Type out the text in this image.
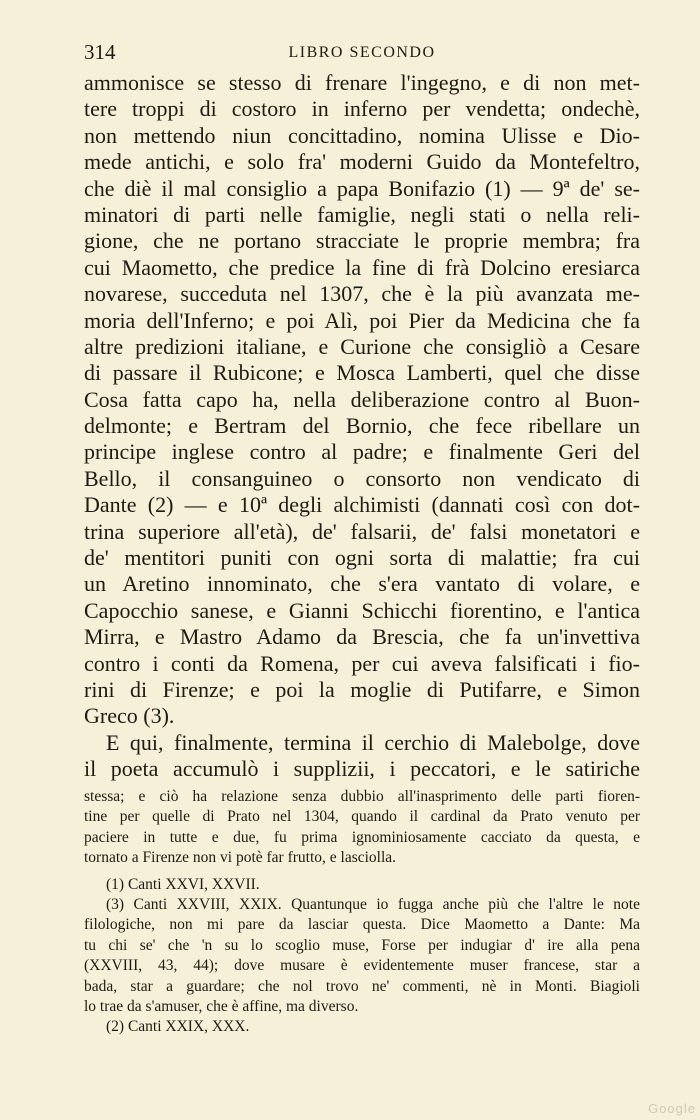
314	LIBRO SECONDO
ammonisce se stesso di frenare l'ingegno, e di non met-
tere troppi di costoro in inferno per vendetta; ondechè,
non mettendo niun concittadino, nomina Ulisse e Dio-
mede antichi, e solo fra' moderni Guido da Montefeltro,
che diè il mal consiglio a papa Bonifazio (1) — 9ª de' se-
minatori di parti nelle famiglie, negli stati o nella reli-
gione, che ne portano stracciate le proprie membra; fra
cui Maometto, che predice la fine di frà Dolcino eresiarca
novarese, succeduta nel 1307, che è la più avanzata me-
moria dell'Inferno; e poi Alì, poi Pier da Medicina che fa
altre predizioni italiane, e Curione che consigliò a Cesare
di passare il Rubicone; e Mosca Lamberti, quel che disse
Cosa fatta capo ha, nella deliberazione contro al Buon-
delmonte; e Bertram del Bornio, che fece ribellare un
principe inglese contro al padre; e finalmente Geri del
Bello, il consanguineo o consorto non vendicato di
Dante (2) — e 10ª degli alchimisti (dannati così con dot-
trina superiore all'età), de' falsarii, de' falsi monetatori e
de' mentitori puniti con ogni sorta di malattie; fra cui
un Aretino innominato, che s'era vantato di volare, e
Capocchio sanese, e Gianni Schicchi fiorentino, e l'antica
Mirra, e Mastro Adamo da Brescia, che fa un'invettiva
contro i conti da Romena, per cui aveva falsificati i fio-
rini di Firenze; e poi la moglie di Putifarre, e Simon
Greco (3).
E qui, finalmente, termina il cerchio di Malebolge, dove
il poeta accumulò i supplizii, i peccatori, e le satiriche
stessa; e ciò ha relazione senza dubbio all'inasprimento delle parti fioren-
tine per quelle di Prato nel 1304, quando il cardinal da Prato venuto per
paciere in tutte e due, fu prima ignominiosamente cacciato da questa, e
tornato a Firenze non vi potè far frutto, e lasciolla.
(1) Canti XXVI, XXVII.
(3) Canti XXVIII, XXIX. Quantunque io fugga anche più che l'altre le note
filologiche, non mi pare da lasciar questa. Dice Maometto a Dante: Ma
tu chi se' che 'n su lo scoglio muse, Forse per indugiar d' ire alla pena
(XXVIII, 43, 44); dove musare è evidentemente muser francese, star a
bada, star a guardare; che nol trovo ne' commenti, nè in Monti. Biagioli
lo trae da s'amuser, che è affine, ma diverso.
(2) Canti XXIX, XXX.
Google
